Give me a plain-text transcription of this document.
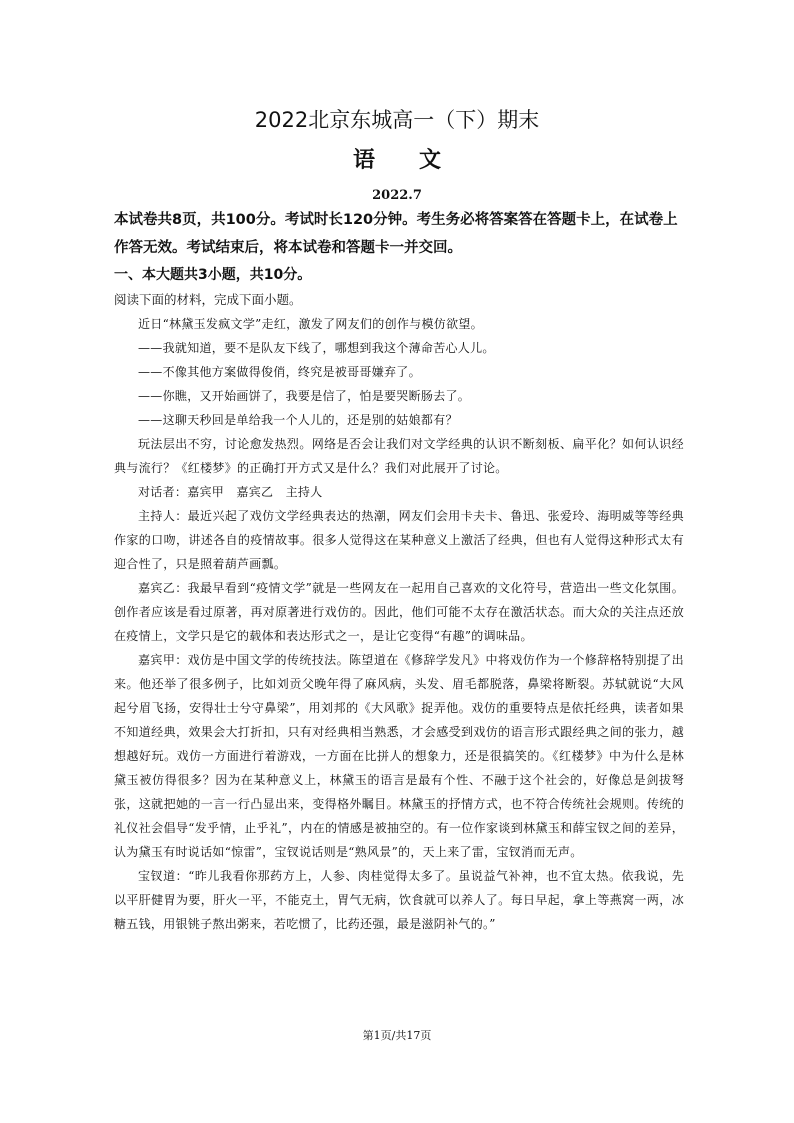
2022北京东城高一（下）期末
语　　文
2022.7

本试卷共8页，共100分。考试时长120分钟。考生务必将答案答在答题卡上，在试卷上作答无效。考试结束后，将本试卷和答题卡一并交回。

一、本大题共3小题，共10分。

阅读下面的材料，完成下面小题。

近日“林黛玉发疯文学”走红，激发了网友们的创作与模仿欲望。

——我就知道，要不是队友下线了，哪想到我这个薄命苦心人儿。

——不像其他方案做得俊俏，终究是被哥哥嫌弃了。

——你瞧，又开始画饼了，我要是信了，怕是要哭断肠去了。

——这聊天秒回是单给我一个人儿的，还是别的姑娘都有？

玩法层出不穷，讨论愈发热烈。网络是否会让我们对文学经典的认识不断刻板、扁平化？如何认识经典与流行？《红楼梦》的正确打开方式又是什么？我们对此展开了讨论。

对话者：嘉宾甲　嘉宾乙　主持人

主持人：最近兴起了戏仿文学经典表达的热潮，网友们会用卡夫卡、鲁迅、张爱玲、海明威等等经典作家的口吻，讲述各自的疫情故事。很多人觉得这在某种意义上激活了经典，但也有人觉得这种形式太有迎合性了，只是照着葫芦画瓢。

嘉宾乙：我最早看到“疫情文学”就是一些网友在一起用自己喜欢的文化符号，营造出一些文化氛围。创作者应该是看过原著，再对原著进行戏仿的。因此，他们可能不太存在激活状态。而大众的关注点还放在疫情上，文学只是它的载体和表达形式之一，是让它变得“有趣”的调味品。

嘉宾甲：戏仿是中国文学的传统技法。陈望道在《修辞学发凡》中将戏仿作为一个修辞格特别提了出来。他还举了很多例子，比如刘贡父晚年得了麻风病，头发、眉毛都脱落，鼻梁将断裂。苏轼就说“大风起兮眉飞扬，安得壮士兮守鼻梁”，用刘邦的《大风歌》捉弄他。戏仿的重要特点是依托经典，读者如果不知道经典，效果会大打折扣，只有对经典相当熟悉，才会感受到戏仿的语言形式跟经典之间的张力，越想越好玩。戏仿一方面进行着游戏，一方面在比拼人的想象力，还是很搞笑的。《红楼梦》中为什么是林黛玉被仿得很多？因为在某种意义上，林黛玉的语言是最有个性、不融于这个社会的，好像总是剑拔弩张，这就把她的一言一行凸显出来，变得格外瞩目。林黛玉的抒情方式，也不符合传统社会规则。传统的礼仪社会倡导“发乎情，止乎礼”，内在的情感是被抽空的。有一位作家谈到林黛玉和薛宝钗之间的差异，认为黛玉有时说话如“惊雷”，宝钗说话则是“熟风景”的，天上来了雷，宝钗消而无声。

宝钗道：“昨儿我看你那药方上，人参、肉桂觉得太多了。虽说益气补神，也不宜太热。依我说，先以平肝健胃为要，肝火一平，不能克土，胃气无病，饮食就可以养人了。每日早起，拿上等燕窝一两，冰糖五钱，用银铫子熬出粥来，若吃惯了，比药还强，最是滋阴补气的。”

第1页/共17页
